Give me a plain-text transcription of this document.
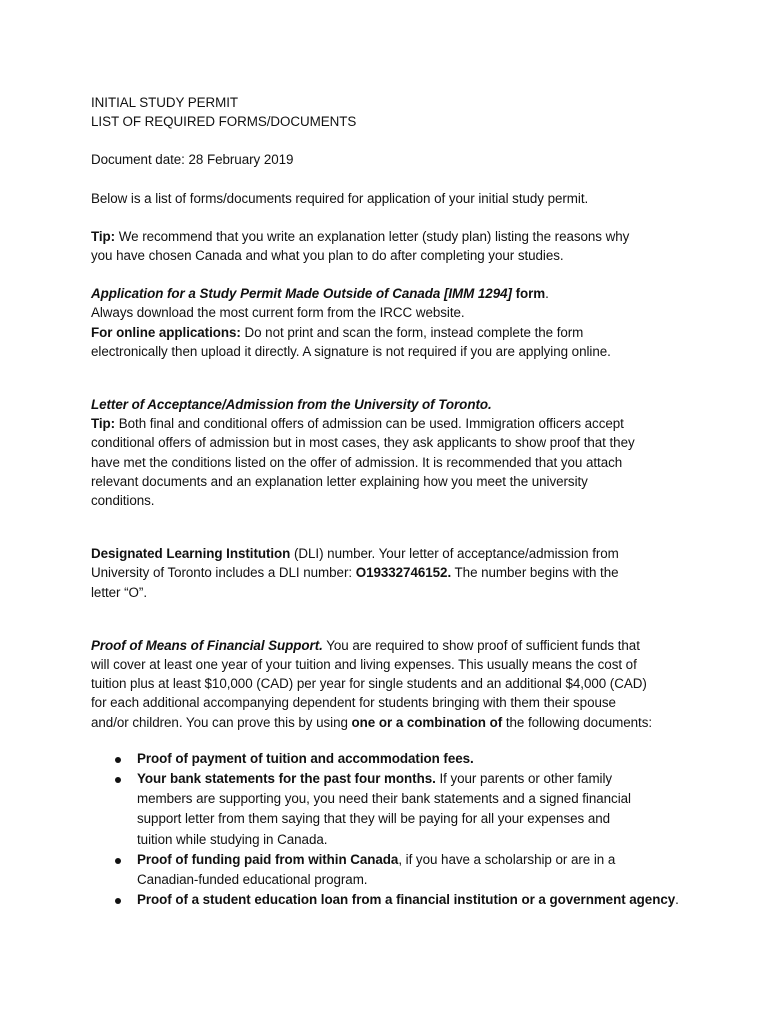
INITIAL STUDY PERMIT
LIST OF REQUIRED FORMS/DOCUMENTS
Document date: 28 February 2019
Below is a list of forms/documents required for application of your initial study permit.
Tip: We recommend that you write an explanation letter (study plan) listing the reasons why
you have chosen Canada and what you plan to do after completing your studies.
Application for a Study Permit Made Outside of Canada [IMM 1294] form.
Always download the most current form from the IRCC website.
For online applications: Do not print and scan the form, instead complete the form
electronically then upload it directly. A signature is not required if you are applying online.
Letter of Acceptance/Admission from the University of Toronto.
Tip: Both final and conditional offers of admission can be used. Immigration officers accept
conditional offers of admission but in most cases, they ask applicants to show proof that they
have met the conditions listed on the offer of admission. It is recommended that you attach
relevant documents and an explanation letter explaining how you meet the university
conditions.
Designated Learning Institution (DLI) number. Your letter of acceptance/admission from
University of Toronto includes a DLI number: O19332746152. The number begins with the
letter “O”.
Proof of Means of Financial Support. You are required to show proof of sufficient funds that
will cover at least one year of your tuition and living expenses. This usually means the cost of
tuition plus at least $10,000 (CAD) per year for single students and an additional $4,000 (CAD)
for each additional accompanying dependent for students bringing with them their spouse
and/or children. You can prove this by using one or a combination of the following documents:
Proof of payment of tuition and accommodation fees.
Your bank statements for the past four months. If your parents or other family
members are supporting you, you need their bank statements and a signed financial
support letter from them saying that they will be paying for all your expenses and
tuition while studying in Canada.
Proof of funding paid from within Canada, if you have a scholarship or are in a
Canadian-funded educational program.
Proof of a student education loan from a financial institution or a government agency.
